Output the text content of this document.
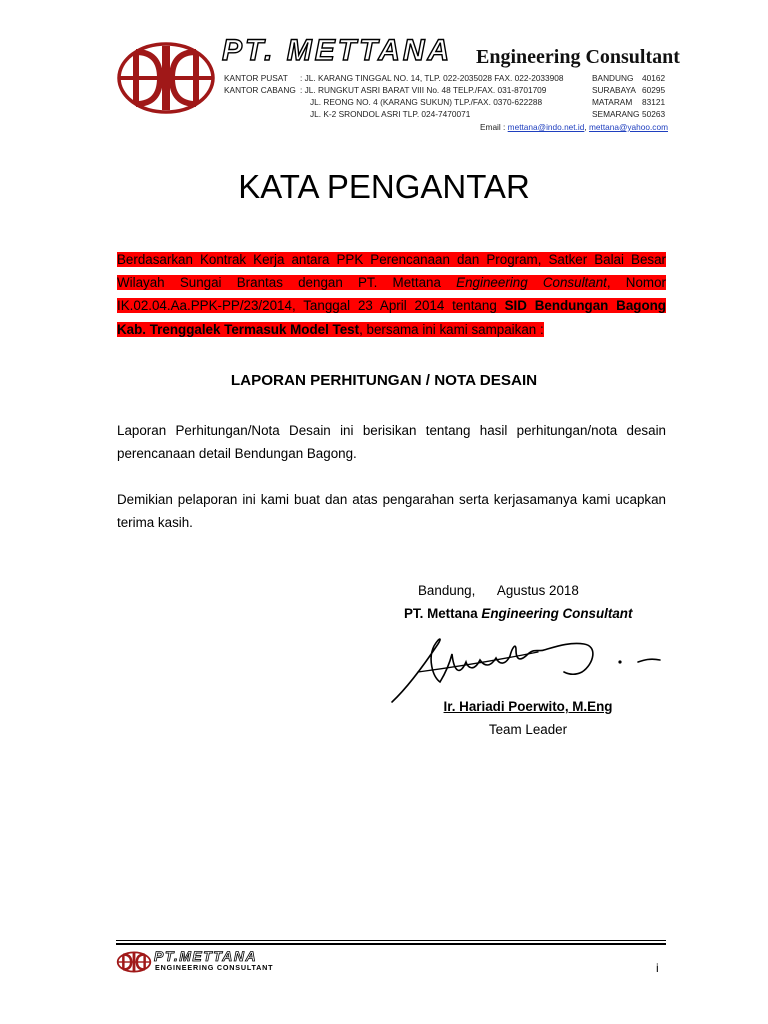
PT. METTANA Engineering Consultant
KANTOR PUSAT : JL. KARANG TINGGAL NO. 14, TLP. 022-2035028 FAX. 022-2033908	BANDUNG 40162
KANTOR CABANG : JL. RUNGKUT ASRI BARAT VIII No. 48 TELP./FAX. 031-8701709	SURABAYA 60295
JL. REONG NO. 4 (KARANG SUKUN) TLP./FAX. 0370-622288	MATARAM 83121
JL. K-2 SRONDOL ASRI TLP. 024-7470071	SEMARANG 50263
Email : mettana@indo.net.id, mettana@yahoo.com
KATA PENGANTAR
Berdasarkan Kontrak Kerja antara PPK Perencanaan dan Program, Satker Balai Besar Wilayah Sungai Brantas dengan PT. Mettana Engineering Consultant, Nomor IK.02.04.Aa.PPK-PP/23/2014, Tanggal 23 April 2014 tentang SID Bendungan Bagong Kab. Trenggalek Termasuk Model Test, bersama ini kami sampaikan :
LAPORAN PERHITUNGAN / NOTA DESAIN
Laporan Perhitungan/Nota Desain ini berisikan tentang hasil perhitungan/nota desain perencanaan detail Bendungan Bagong.
Demikian pelaporan ini kami buat dan atas pengarahan serta kerjasamanya kami ucapkan terima kasih.
Bandung,      Agustus 2018
PT. Mettana Engineering Consultant
Ir. Hariadi Poerwito, M.Eng
Team Leader
PT.METTANA
ENGINEERING CONSULTANT	i
